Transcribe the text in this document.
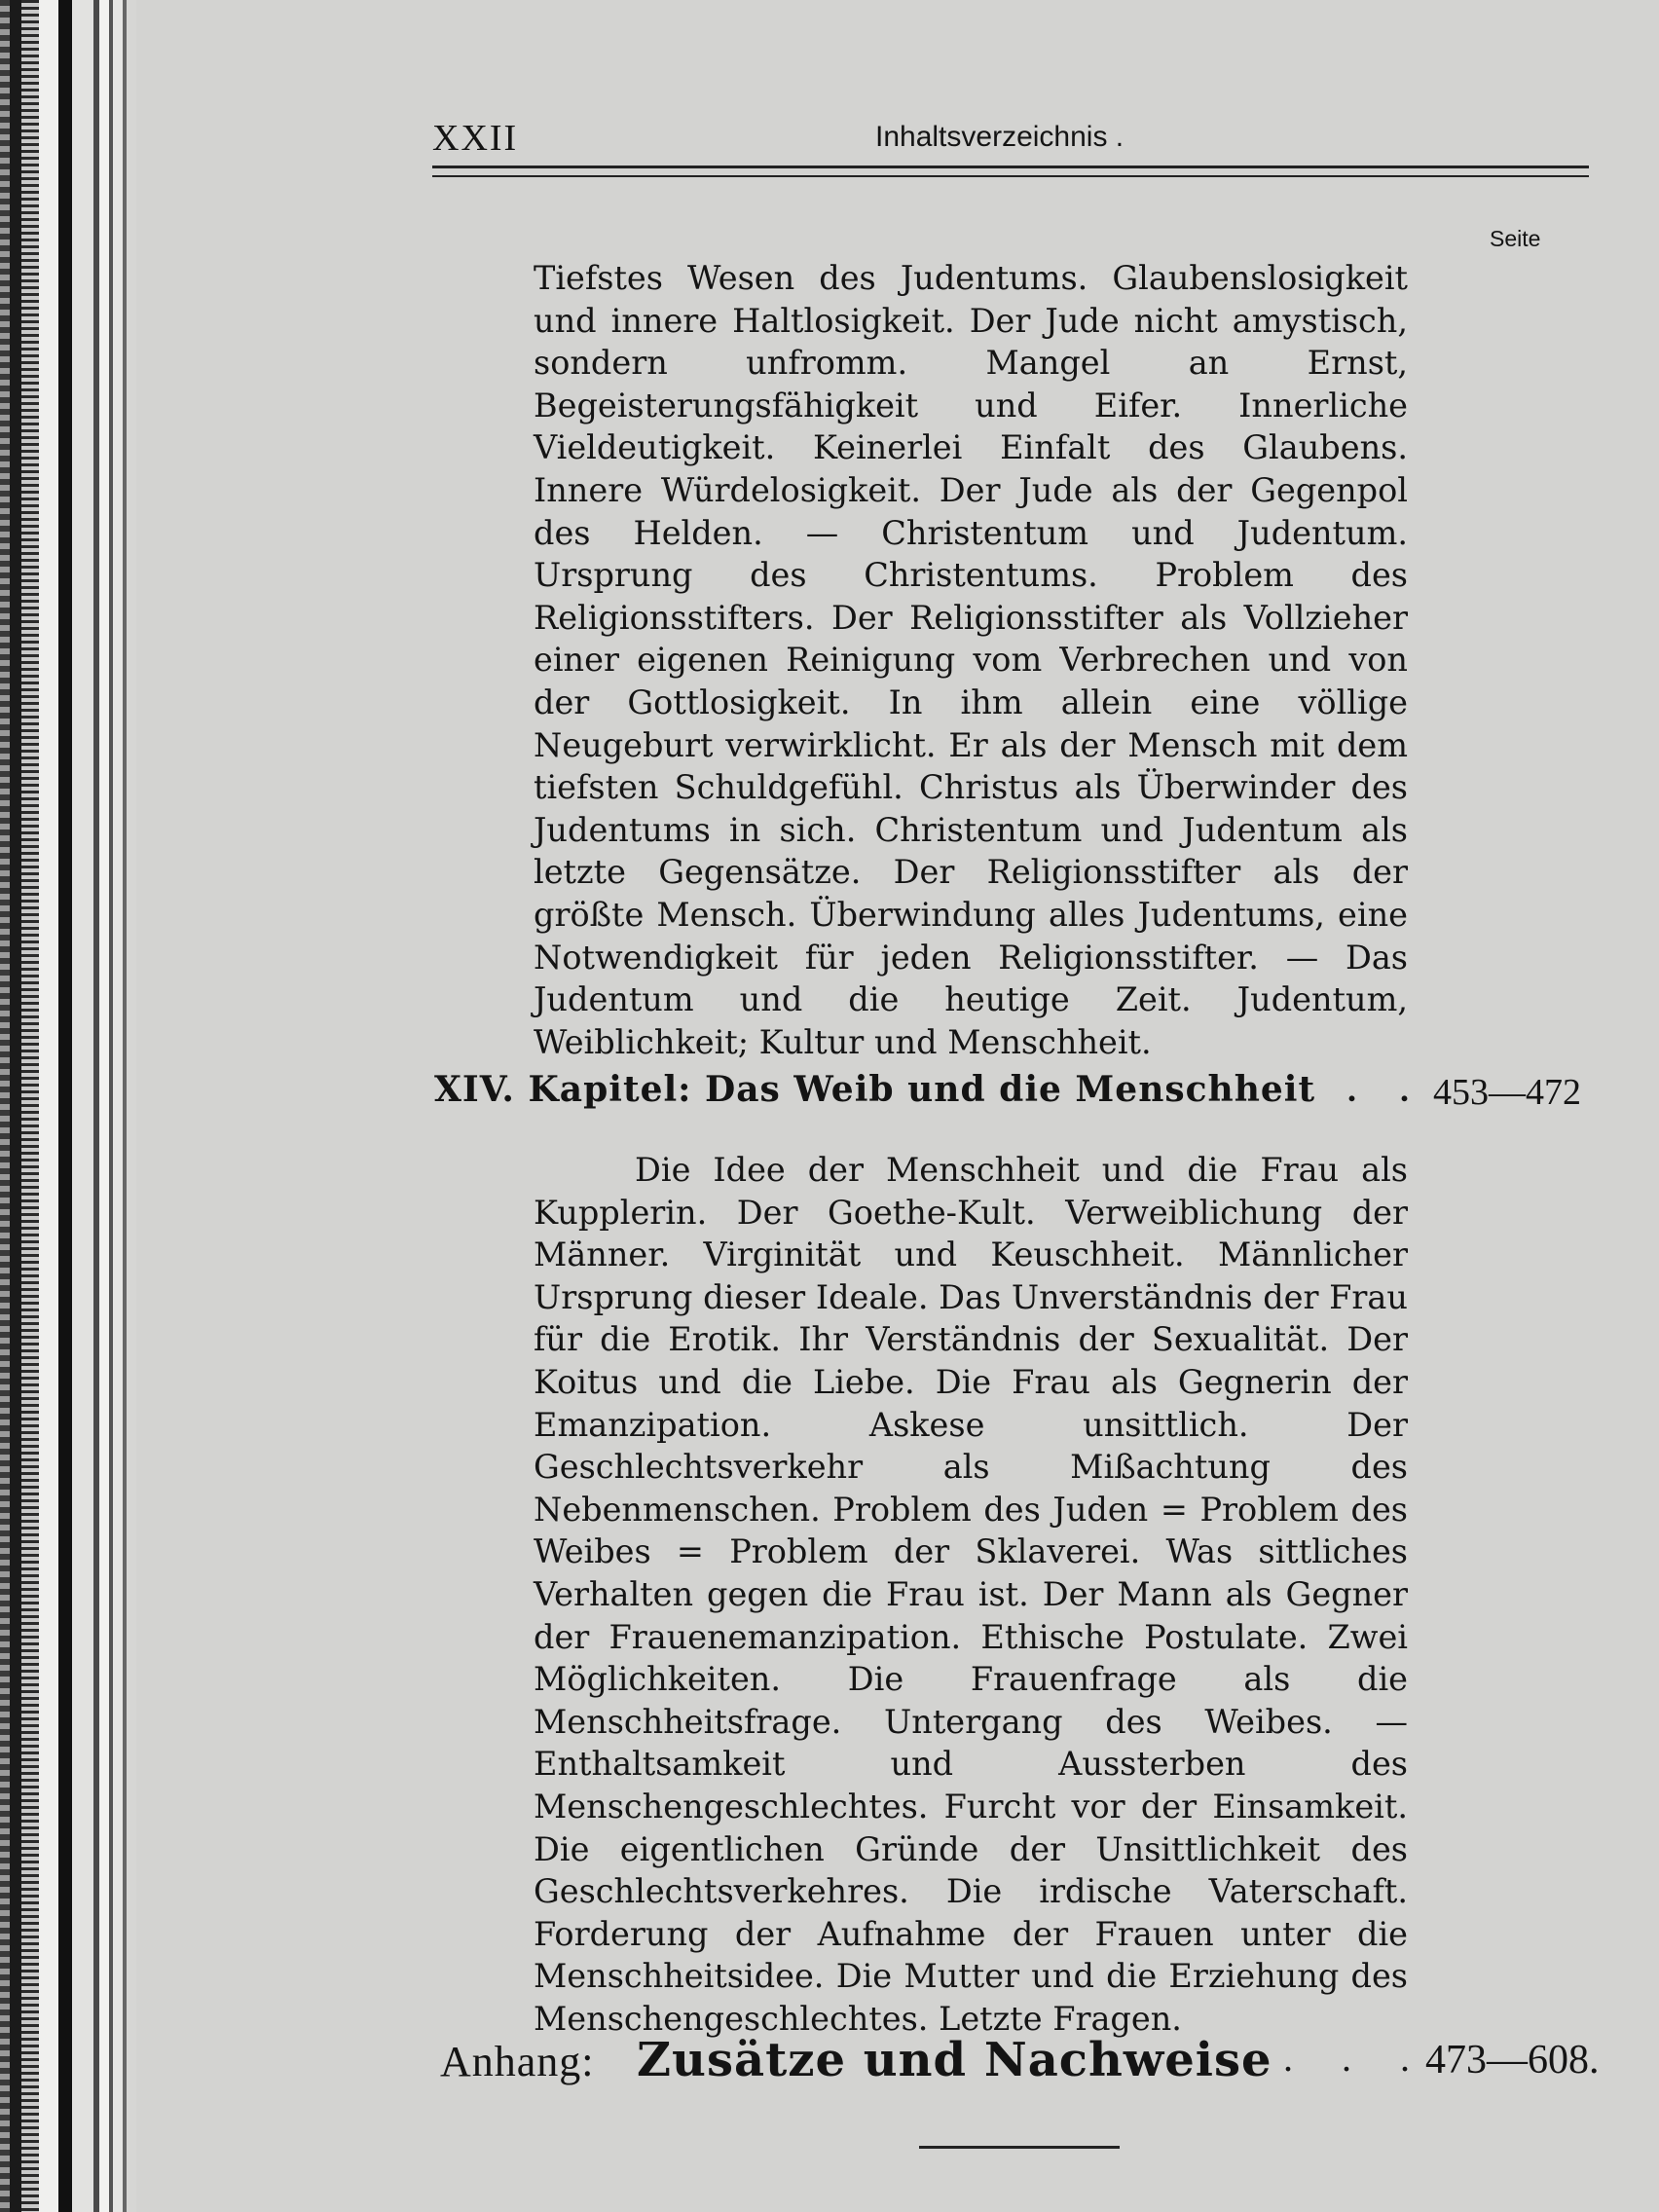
XXII	Inhaltsverzeichnis .
Seite
Tiefstes Wesen des Judentums. Glaubenslosigkeit und innere Haltlosigkeit. Der Jude nicht amystisch, sondern unfromm. Mangel an Ernst, Begeisterungsfähigkeit und Eifer. Innerliche Vieldeutigkeit. Keinerlei Einfalt des Glaubens. Innere Würdelosigkeit. Der Jude als der Gegenpol des Helden. — Christentum und Judentum. Ursprung des Christentums. Problem des Religionsstifters. Der Religionsstifter als Vollzieher einer eigenen Reinigung vom Verbrechen und von der Gottlosigkeit. In ihm allein eine völlige Neugeburt verwirklicht. Er als der Mensch mit dem tiefsten Schuldgefühl. Christus als Überwinder des Judentums in sich. Christentum und Judentum als letzte Gegensätze. Der Religionsstifter als der größte Mensch. Überwindung alles Judentums, eine Notwendigkeit für jeden Religionsstifter. — Das Judentum und die heutige Zeit. Judentum, Weiblichkeit; Kultur und Menschheit.
XIV. Kapitel: Das Weib und die Menschheit . . 453—472
Die Idee der Menschheit und die Frau als Kupplerin. Der Goethe-Kult. Verweiblichung der Männer. Virginität und Keuschheit. Männlicher Ursprung dieser Ideale. Das Unverständnis der Frau für die Erotik. Ihr Verständnis der Sexualität. Der Koitus und die Liebe. Die Frau als Gegnerin der Emanzipation. Askese unsittlich. Der Geschlechtsverkehr als Mißachtung des Nebenmenschen. Problem des Juden = Problem des Weibes = Problem der Sklaverei. Was sittliches Verhalten gegen die Frau ist. Der Mann als Gegner der Frauenemanzipation. Ethische Postulate. Zwei Möglichkeiten. Die Frauenfrage als die Menschheitsfrage. Untergang des Weibes. — Enthaltsamkeit und Aussterben des Menschengeschlechtes. Furcht vor der Einsamkeit. Die eigentlichen Gründe der Unsittlichkeit des Geschlechtsverkehres. Die irdische Vaterschaft. Forderung der Aufnahme der Frauen unter die Menschheitsidee. Die Mutter und die Erziehung des Menschengeschlechtes. Letzte Fragen.
Anhang: Zusätze und Nachweise . . .
473—608.
